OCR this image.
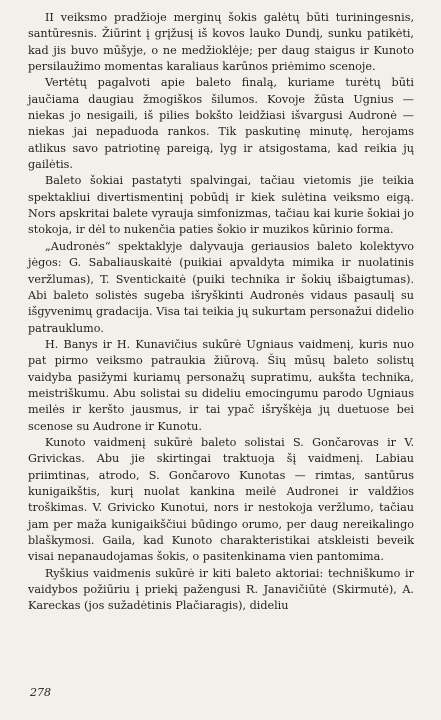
II veiksmo pradžioje merginų šokis galėtų būti turiningesnis, santūresnis. Žiūrint į grįžusį iš kovos lauko Dundį, sunku patikėti, kad jis buvo mūšyje, o ne medžioklėje; per daug staigus ir Kunoto persilaužimo momentas karaliaus karūnos priėmimo scenoje.

Vertėtų pagalvoti apie baleto finalą, kuriame turėtų būti jaučiama daugiau žmogiškos šilumos. Kovoje žūsta Ugnius — niekas jo nesigaili, iš pilies bokšto leidžiasi išvargusi Audronė — niekas jai nepaduoda rankos. Tik paskutinę minutę, herojams atlikus savo patriotinę pareigą, lyg ir atsigostama, kad reikia jų gailėtis.

Baleto šokiai pastatyti spalvingai, tačiau vietomis jie teikia spektakliui divertismentinį pobūdį ir kiek sulėtina veiksmo eigą. Nors apskritai balete vyrauja simfonizmas, tačiau kai kurie šokiai jo stokoja, ir dėl to nukenčia paties šokio ir muzikos kūrinio forma.

„Audronės“ spektaklyje dalyvauja geriausios baleto kolektyvo jėgos: G. Sabaliauskaitė (puikiai apvaldyta mimika ir nuolatinis veržlumas), T. Sventickaitė (puiki technika ir šokių išbaigtumas). Abi baleto solistės sugeba išryškinti Audronės vidaus pasaulį su išgyvenimų gradacija. Visa tai teikia jų sukurtam personažui didelio patrauklumo.

H. Banys ir H. Kunavičius sukūrė Ugniaus vaidmenį, kuris nuo pat pirmo veiksmo patraukia žiūrovą. Šių mūsų baleto solistų vaidyba pasižymi kuriamų personažų supratimu, aukšta technika, meistriškumu. Abu solistai su dideliu emocingumu parodo Ugniaus meilės ir keršto jausmus, ir tai ypač išryškėja jų duetuose bei scenose su Audrone ir Kunotu.

Kunoto vaidmenį sukūrė baleto solistai S. Gončarovas ir V. Grivickas. Abu jie skirtingai traktuoja šį vaidmenį. Labiau priimtinas, atrodo, S. Gončarovo Kunotas — rimtas, santūrus kunigaikštis, kurį nuolat kankina meilė Audronei ir valdžios troškimas. V. Grivicko Kunotui, nors ir nestokoja veržlumo, tačiau jam per maža kunigaikščiui būdingo orumo, per daug nereikalingo blaškymosi. Gaila, kad Kunoto charakteristikai atskleisti beveik visai nepanaudojamas šokis, o pasitenkinama vien pantomima.

Ryškius vaidmenis sukūrė ir kiti baleto aktoriai: techniškumo ir vaidybos požiūriu į priekį pažengusi R. Janavičiūtė (Skirmutė), A. Kareckas (jos sužadėtinis Plačiaragis), dideliu

278
